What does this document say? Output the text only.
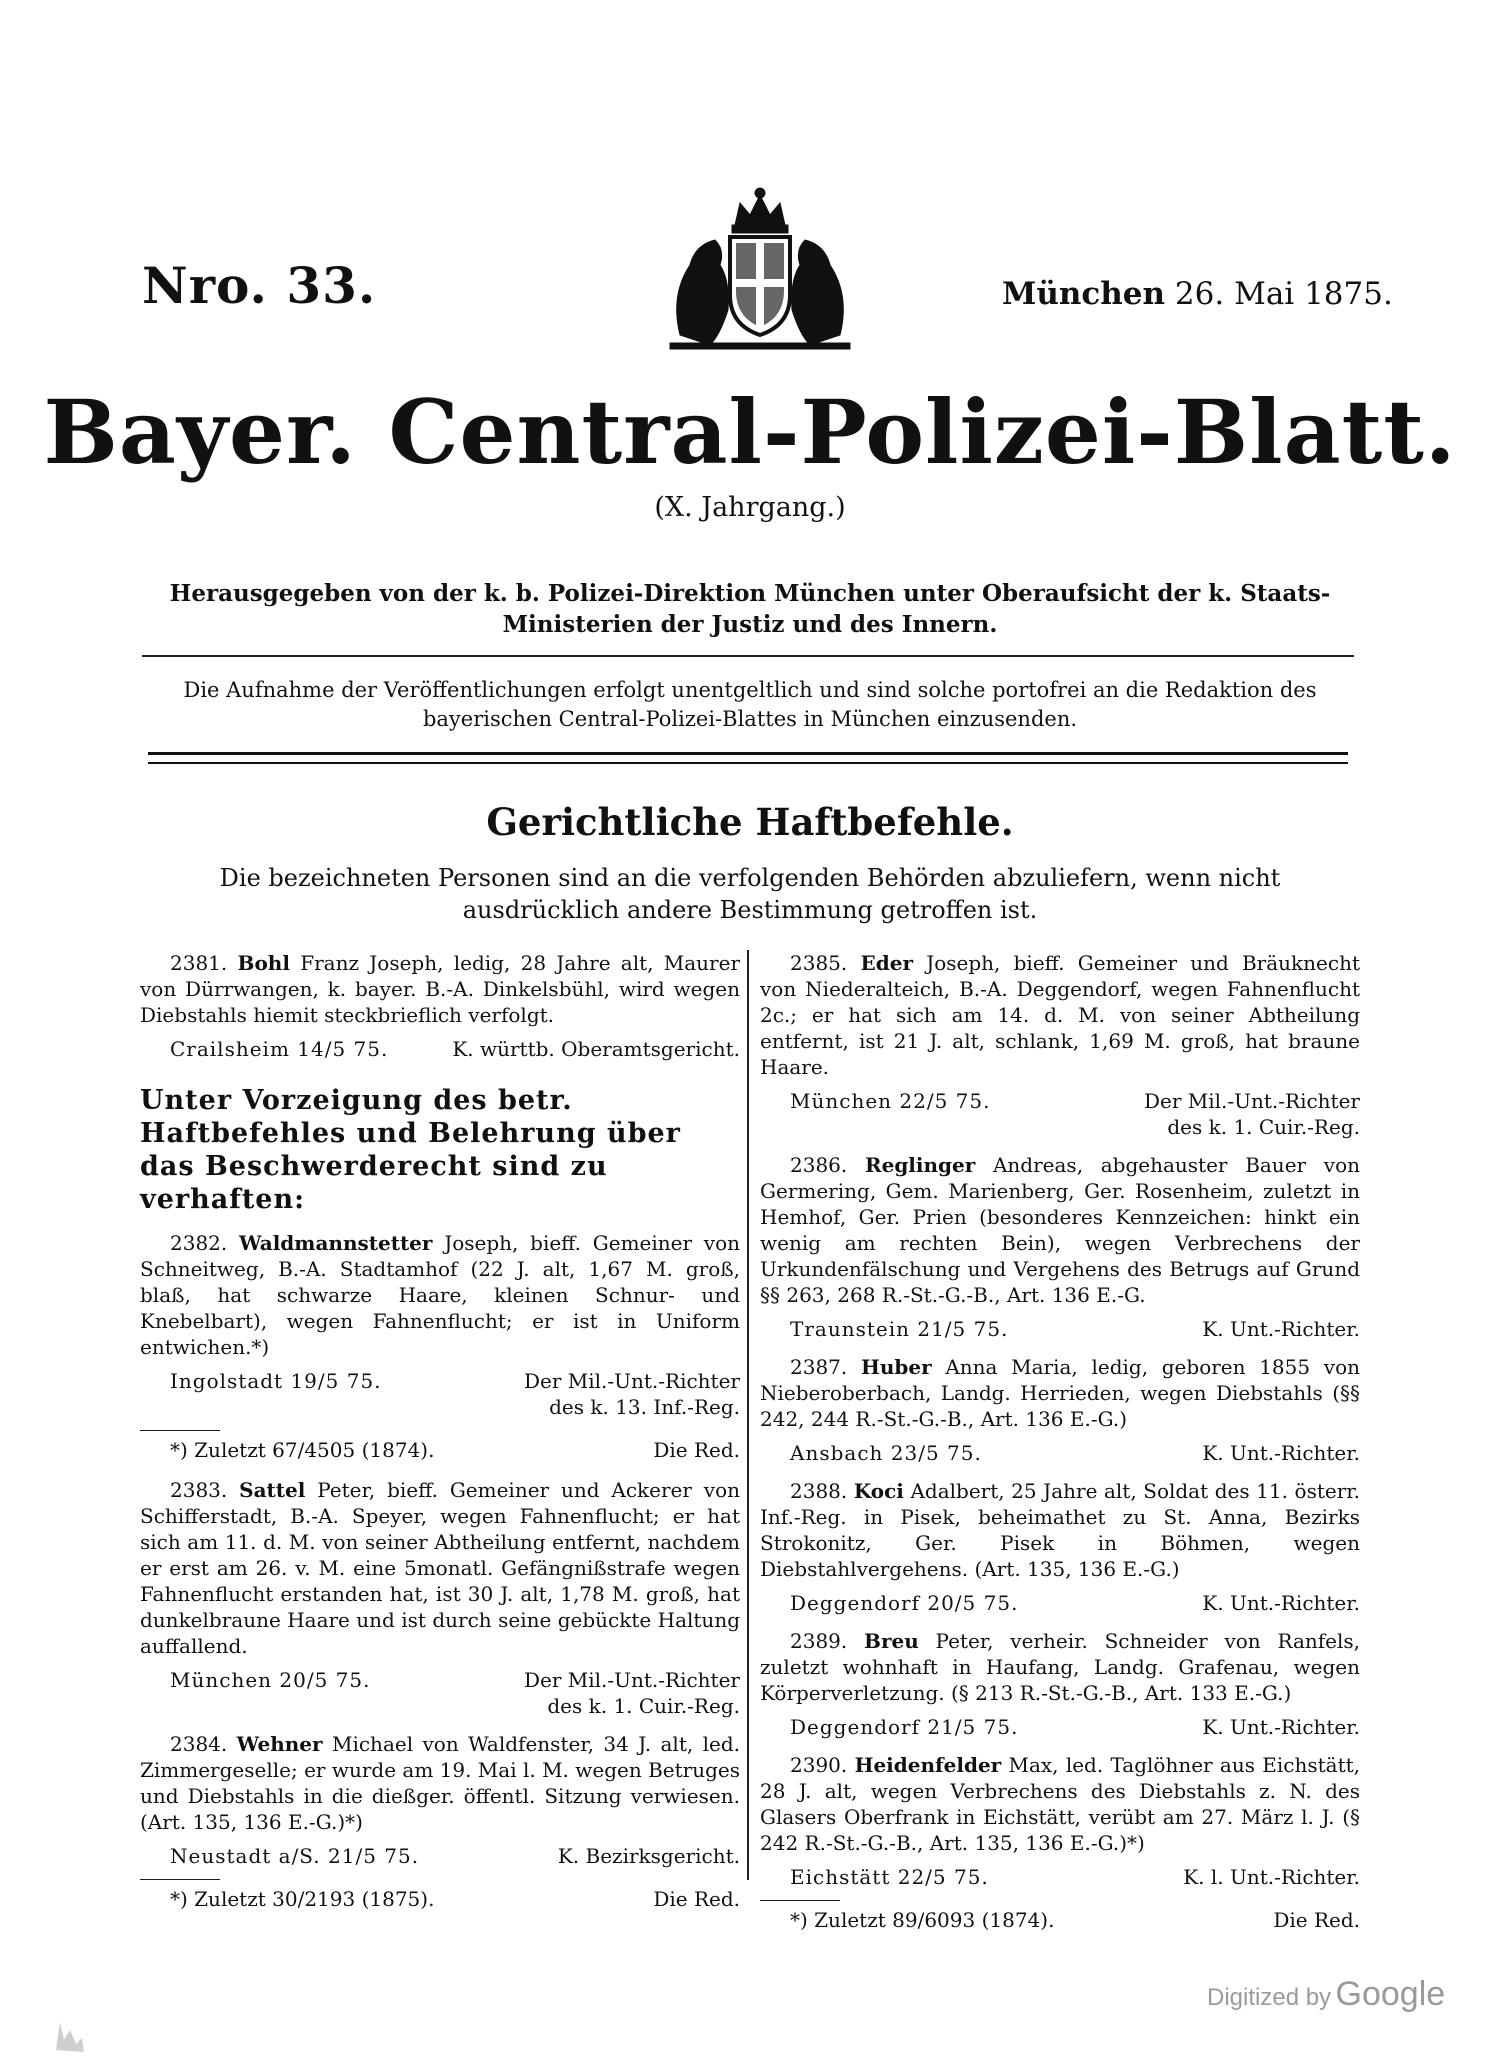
Nro. 33.	München 26. Mai 1875.
Bayer. Central-Polizei-Blatt.
(X. Jahrgang.)
Herausgegeben von der k. b. Polizei-Direktion München unter Oberaufsicht der k. Staats-Ministerien der Justiz und des Innern.
Die Aufnahme der Veröffentlichungen erfolgt unentgeltlich und sind solche portofrei an die Redaktion des bayerischen Central-Polizei-Blattes in München einzusenden.
Gerichtliche Haftbefehle.
Die bezeichneten Personen sind an die verfolgenden Behörden abzuliefern, wenn nicht ausdrücklich andere Bestimmung getroffen ist.
2381. Bohl Franz Joseph, ledig, 28 Jahre alt, Maurer von Dürrwangen, k. bayer. B.-A. Dinkelsbühl, wird wegen Diebstahls hiemit steckbrieflich verfolgt.
Crailsheim 14/5 75.	K. württb. Oberamtsgericht.
Unter Vorzeigung des betr. Haftbefehles und Belehrung über das Beschwerderecht sind zu verhaften:
2382. Waldmannstetter Joseph, bieff. Gemeiner von Schneitweg, B.-A. Stadtamhof (22 J. alt, 1,67 M. groß, blaß, hat schwarze Haare, kleinen Schnur- und Knebelbart), wegen Fahnenflucht; er ist in Uniform entwichen.*)
Ingolstadt 19/5 75.	Der Mil.-Unt.-Richter
des k. 13. Inf.-Reg.
*) Zuletzt 67/4505 (1874).	Die Red.
2383. Sattel Peter, bieff. Gemeiner und Ackerer von Schifferstadt, B.-A. Speyer, wegen Fahnenflucht; er hat sich am 11. d. M. von seiner Abtheilung entfernt, nachdem er erst am 26. v. M. eine 5monatl. Gefängnißstrafe wegen Fahnenflucht erstanden hat, ist 30 J. alt, 1,78 M. groß, hat dunkelbraune Haare und ist durch seine gebückte Haltung auffallend.
München 20/5 75.	Der Mil.-Unt.-Richter
des k. 1. Cuir.-Reg.
2384. Wehner Michael von Waldfenster, 34 J. alt, led. Zimmergeselle; er wurde am 19. Mai l. M. wegen Betruges und Diebstahls in die dießger. öffentl. Sitzung verwiesen. (Art. 135, 136 E.-G.)*)
Neustadt a/S. 21/5 75.	K. Bezirksgericht.
*) Zuletzt 30/2193 (1875).	Die Red.
2385. Eder Joseph, bieff. Gemeiner und Bräuknecht von Niederalteich, B.-A. Deggendorf, wegen Fahnenflucht 2c.; er hat sich am 14. d. M. von seiner Abtheilung entfernt, ist 21 J. alt, schlank, 1,69 M. groß, hat braune Haare.
München 22/5 75.	Der Mil.-Unt.-Richter
des k. 1. Cuir.-Reg.
2386. Reglinger Andreas, abgehauster Bauer von Germering, Gem. Marienberg, Ger. Rosenheim, zuletzt in Hemhof, Ger. Prien (besonderes Kennzeichen: hinkt ein wenig am rechten Bein), wegen Verbrechens der Urkundenfälschung und Vergehens des Betrugs auf Grund §§ 263, 268 R.-St.-G.-B., Art. 136 E.-G.
Traunstein 21/5 75.	K. Unt.-Richter.
2387. Huber Anna Maria, ledig, geboren 1855 von Nieberoberbach, Landg. Herrieden, wegen Diebstahls (§§ 242, 244 R.-St.-G.-B., Art. 136 E.-G.)
Ansbach 23/5 75.	K. Unt.-Richter.
2388. Koci Adalbert, 25 Jahre alt, Soldat des 11. österr. Inf.-Reg. in Pisek, beheimathet zu St. Anna, Bezirks Strokonitz, Ger. Pisek in Böhmen, wegen Diebstahlvergehens. (Art. 135, 136 E.-G.)
Deggendorf 20/5 75.	K. Unt.-Richter.
2389. Breu Peter, verheir. Schneider von Ranfels, zuletzt wohnhaft in Haufang, Landg. Grafenau, wegen Körperverletzung. (§ 213 R.-St.-G.-B., Art. 133 E.-G.)
Deggendorf 21/5 75.	K. Unt.-Richter.
2390. Heidenfelder Max, led. Taglöhner aus Eichstätt, 28 J. alt, wegen Verbrechens des Diebstahls z. N. des Glasers Oberfrank in Eichstätt, verübt am 27. März l. J. (§ 242 R.-St.-G.-B., Art. 135, 136 E.-G.)*)
Eichstätt 22/5 75.	K. l. Unt.-Richter.
*) Zuletzt 89/6093 (1874).	Die Red.
Digitized by Google
